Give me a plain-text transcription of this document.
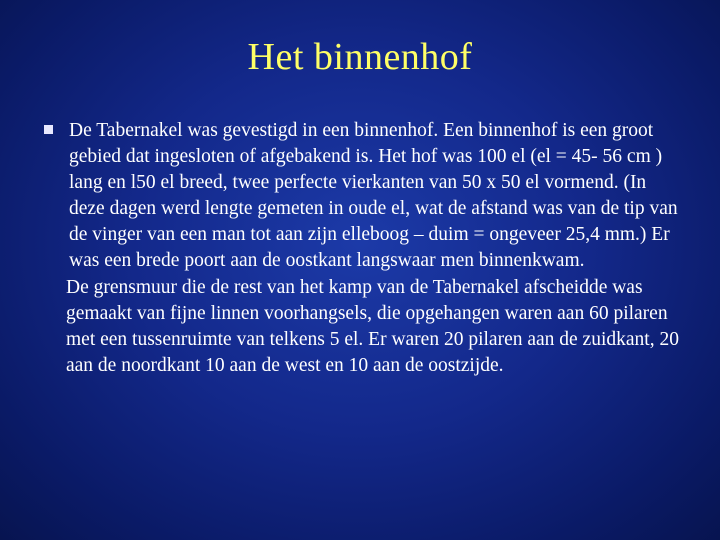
Het binnenhof

De Tabernakel was gevestigd in een binnenhof. Een binnenhof is een groot gebied dat ingesloten of afgebakend is. Het hof was 100 el (el = 45- 56 cm ) lang en l50 el breed, twee perfecte vierkanten van 50 x 50 el vormend. (In deze dagen werd lengte gemeten in oude el, wat de afstand was van de tip van de vinger van een man tot aan zijn elleboog – duim = ongeveer 25,4 mm.) Er was een brede poort aan de oostkant langswaar men binnenkwam.

De grensmuur die de rest van het kamp van de Tabernakel afscheidde was gemaakt van fijne linnen voorhangsels, die opgehangen waren aan 60 pilaren met een tussenruimte van telkens 5 el. Er waren 20 pilaren aan de zuidkant, 20 aan de noordkant 10 aan de west en 10 aan de oostzijde.
